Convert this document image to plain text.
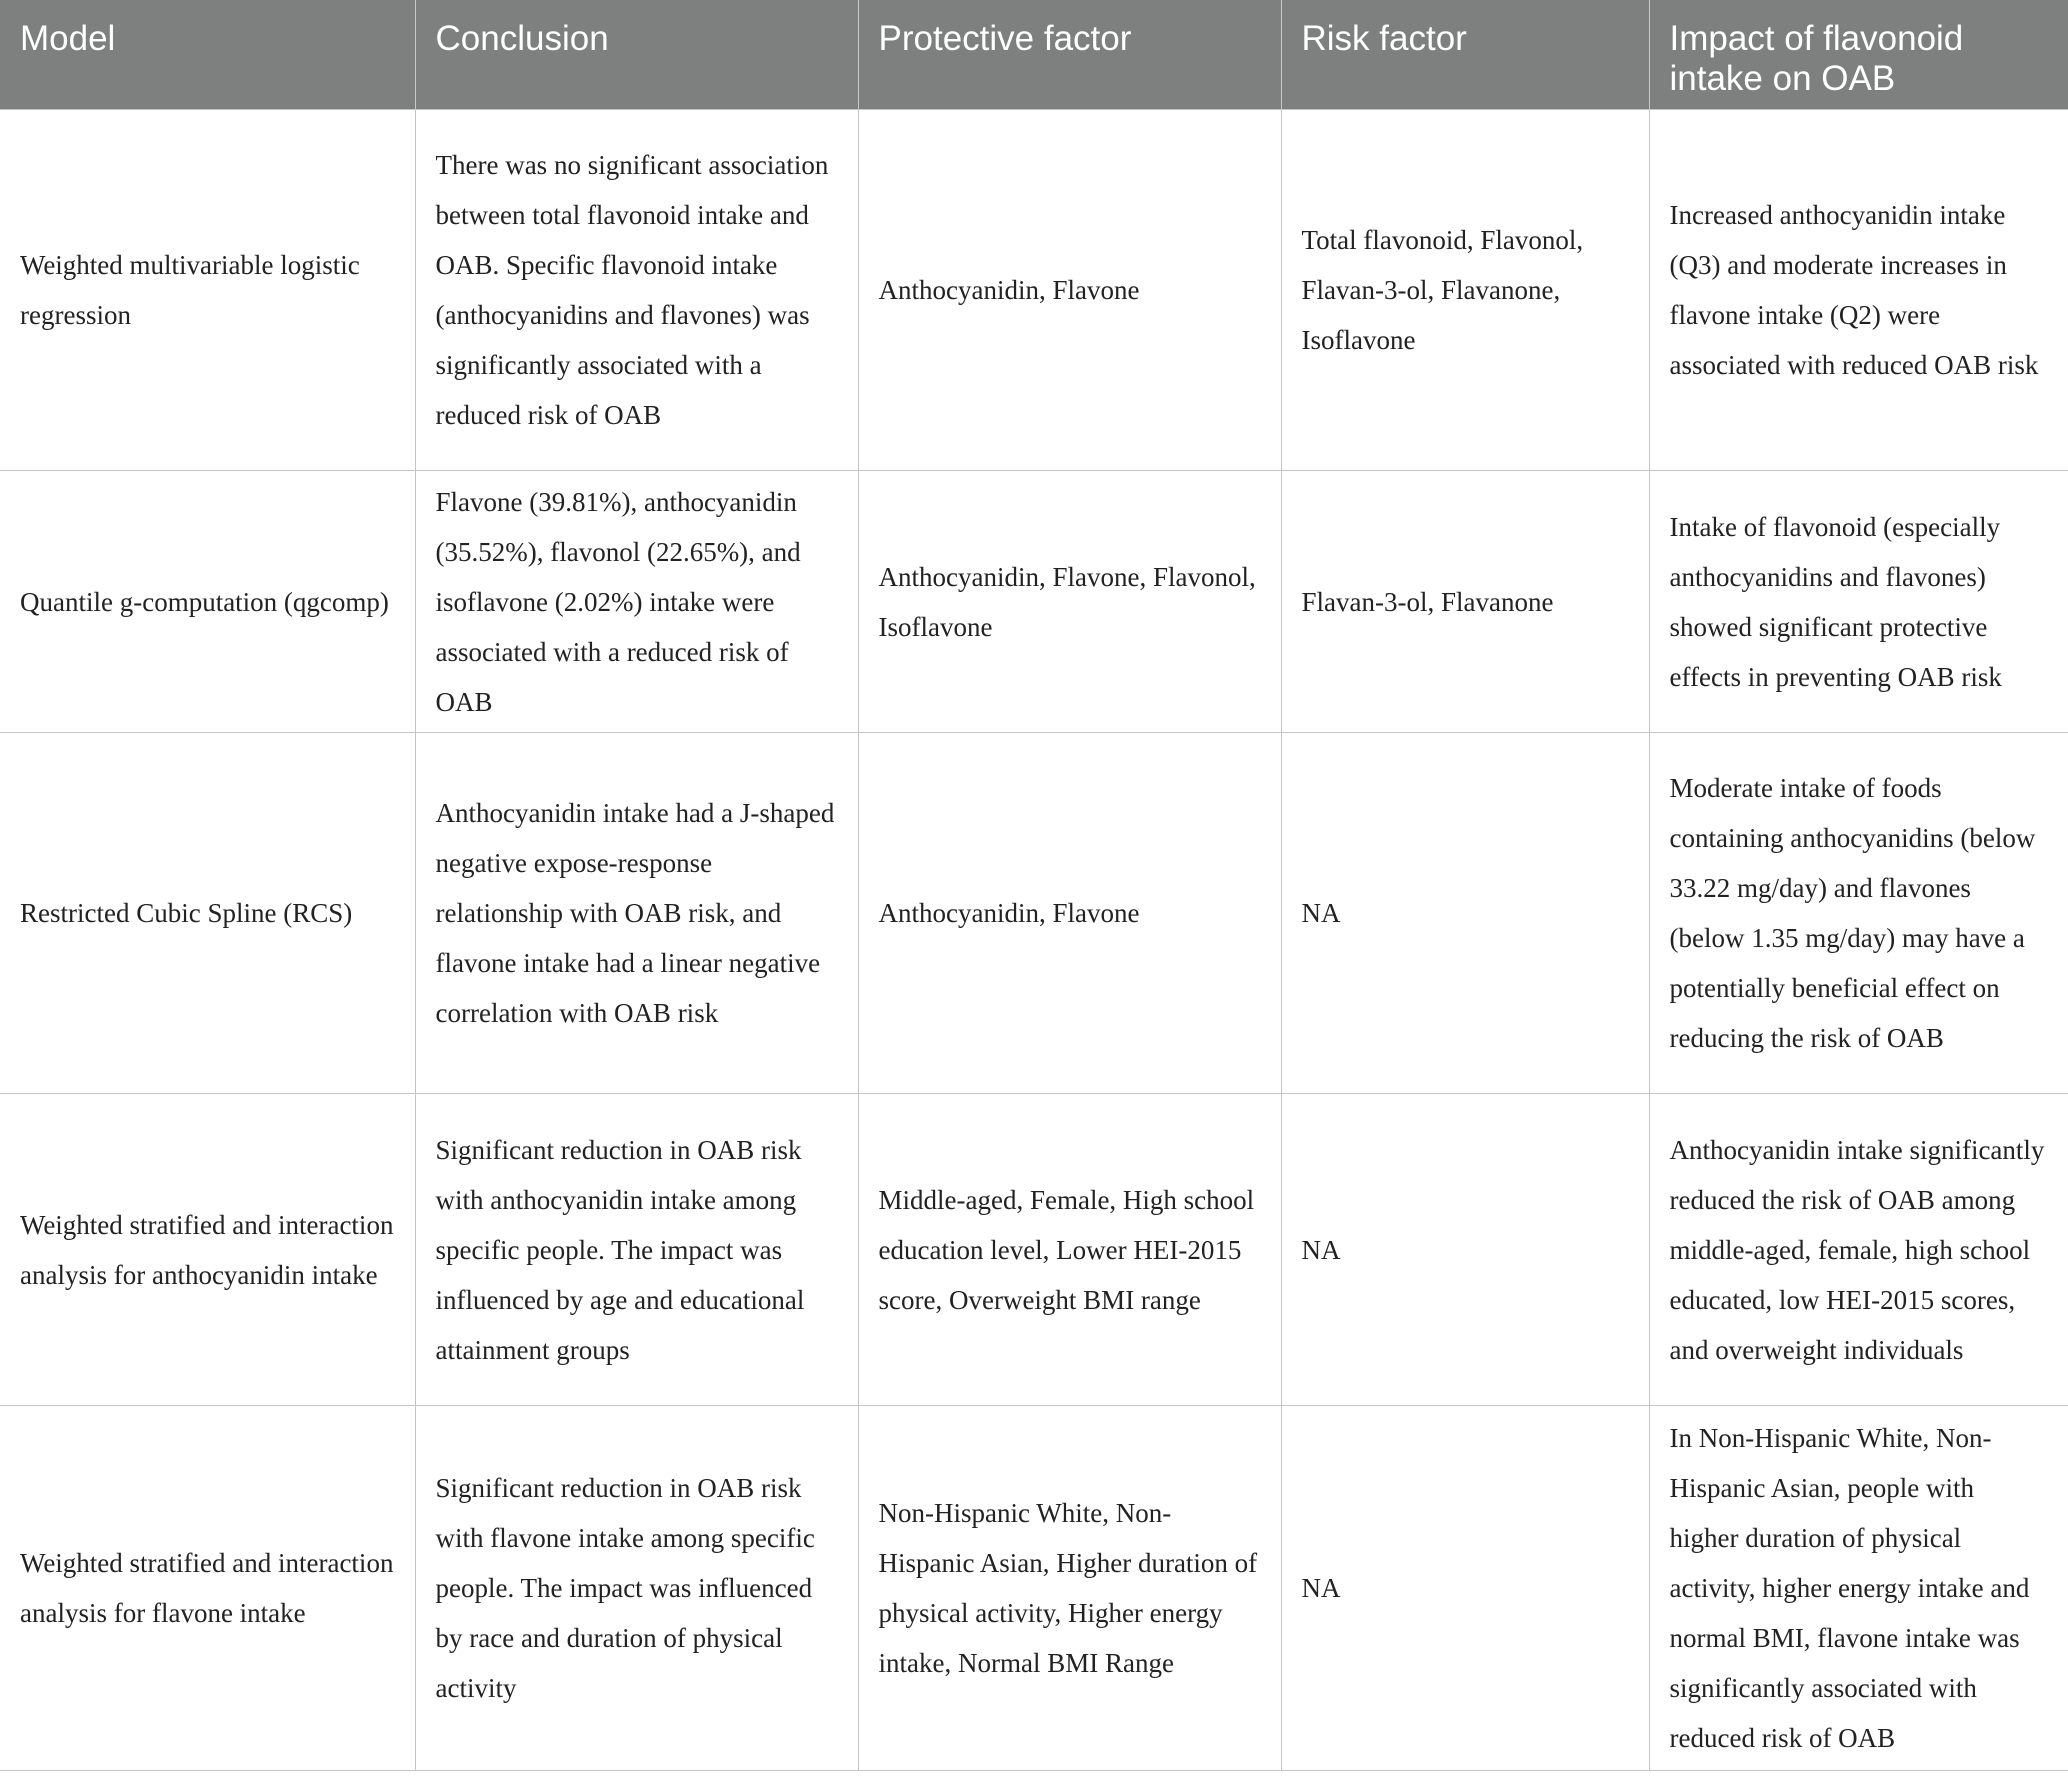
Model	Conclusion	Protective factor	Risk factor	Impact of flavonoid intake on OAB
Weighted multivariable logistic regression	There was no significant association between total flavonoid intake and OAB. Specific flavonoid intake (anthocyanidins and flavones) was significantly associated with a reduced risk of OAB	Anthocyanidin, Flavone	Total flavonoid, Flavonol, Flavan-3-ol, Flavanone, Isoflavone	Increased anthocyanidin intake (Q3) and moderate increases in flavone intake (Q2) were associated with reduced OAB risk
Quantile g-computation (qgcomp)	Flavone (39.81%), anthocyanidin (35.52%), flavonol (22.65%), and isoflavone (2.02%) intake were associated with a reduced risk of OAB	Anthocyanidin, Flavone, Flavonol, Isoflavone	Flavan-3-ol, Flavanone	Intake of flavonoid (especially anthocyanidins and flavones) showed significant protective effects in preventing OAB risk
Restricted Cubic Spline (RCS)	Anthocyanidin intake had a J-shaped negative expose-response relationship with OAB risk, and flavone intake had a linear negative correlation with OAB risk	Anthocyanidin, Flavone	NA	Moderate intake of foods containing anthocyanidins (below 33.22 mg/day) and flavones (below 1.35 mg/day) may have a potentially beneficial effect on reducing the risk of OAB
Weighted stratified and interaction analysis for anthocyanidin intake	Significant reduction in OAB risk with anthocyanidin intake among specific people. The impact was influenced by age and educational attainment groups	Middle-aged, Female, High school education level, Lower HEI-2015 score, Overweight BMI range	NA	Anthocyanidin intake significantly reduced the risk of OAB among middle-aged, female, high school educated, low HEI-2015 scores, and overweight individuals
Weighted stratified and interaction analysis for flavone intake	Significant reduction in OAB risk with flavone intake among specific people. The impact was influenced by race and duration of physical activity	Non-Hispanic White, Non-Hispanic Asian, Higher duration of physical activity, Higher energy intake, Normal BMI Range	NA	In Non-Hispanic White, Non-Hispanic Asian, people with higher duration of physical activity, higher energy intake and normal BMI, flavone intake was significantly associated with reduced risk of OAB
